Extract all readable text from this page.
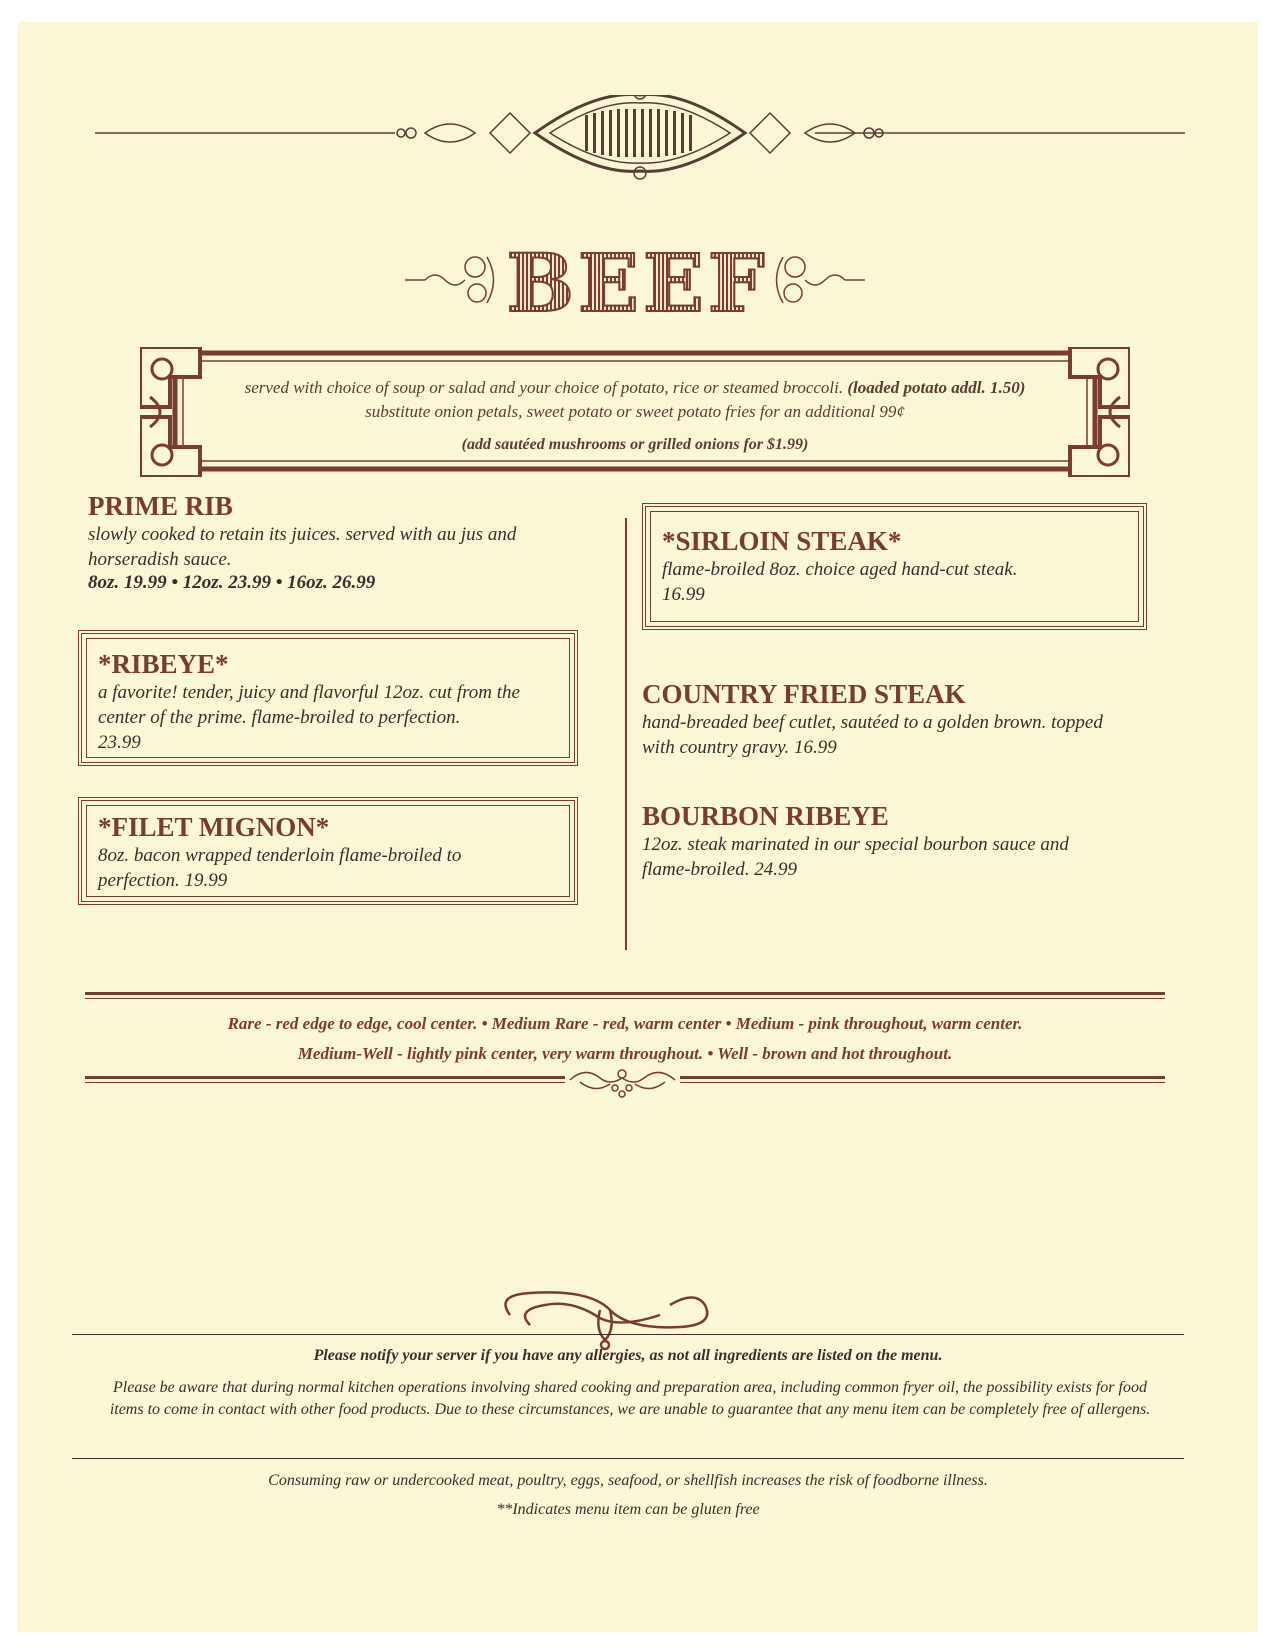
BEEF
served with choice of soup or salad and your choice of potato, rice or steamed broccoli. (loaded potato addl. 1.50) substitute onion petals, sweet potato or sweet potato fries for an additional 99¢
(add sautéed mushrooms or grilled onions for $1.99)

PRIME RIB

slowly cooked to retain its juices. served with au jus and horseradish sauce.

8oz. 19.99 • 12oz. 23.99 • 16oz. 26.99

*RIBEYE*

a favorite! tender, juicy and flavorful 12oz. cut from the center of the prime. flame-broiled to perfection.

23.99

*FILET MIGNON*

8oz. bacon wrapped tenderloin flame-broiled to perfection. 19.99

*SIRLOIN STEAK*

flame-broiled 8oz. choice aged hand-cut steak.

16.99

COUNTRY FRIED STEAK

hand-breaded beef cutlet, sautéed to a golden brown. topped with country gravy. 16.99

BOURBON RIBEYE

12oz. steak marinated in our special bourbon sauce and flame-broiled. 24.99

Rare - red edge to edge, cool center. • Medium Rare - red, warm center • Medium - pink throughout, warm center.
Medium-Well - lightly pink center, very warm throughout. • Well - brown and hot throughout.
Please notify your server if you have any allergies, as not all ingredients are listed on the menu.
Please be aware that during normal kitchen operations involving shared cooking and preparation area, including common fryer oil, the possibility exists for food items to come in contact with other food products. Due to these circumstances, we are unable to guarantee that any menu item can be completely free of allergens.
Consuming raw or undercooked meat, poultry, eggs, seafood, or shellfish increases the risk of foodborne illness.
**Indicates menu item can be gluten free
